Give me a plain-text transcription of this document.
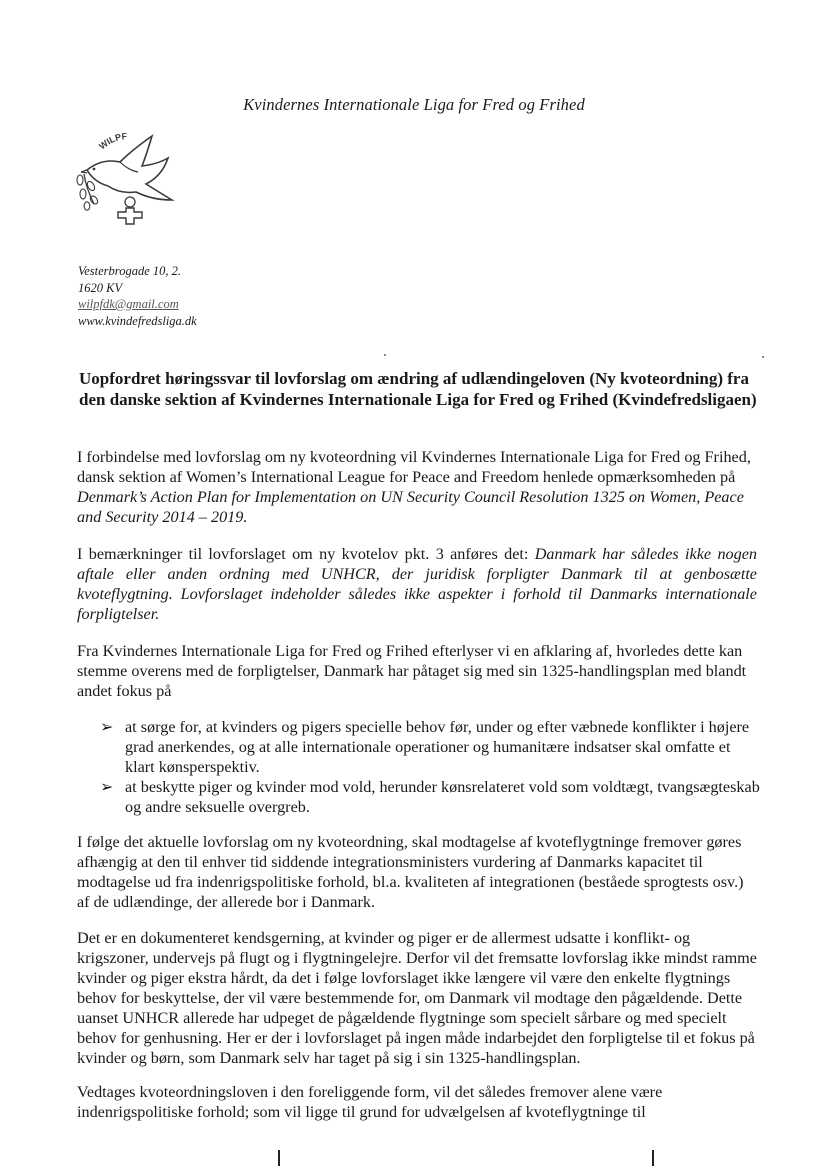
Kvindernes Internationale Liga for Fred og Frihed
WILPF
Vesterbrogade 10, 2.
1620 KV
wilpfdk@gmail.com
www.kvindefredsliga.dk
Uopfordret høringssvar til lovforslag om ændring af udlændingeloven (Ny kvoteordning) fra den danske sektion af Kvindernes Internationale Liga for Fred og Frihed (Kvindefredsligaen)
I forbindelse med lovforslag om ny kvoteordning vil Kvindernes Internationale Liga for Fred og Frihed, dansk sektion af Women’s International League for Peace and Freedom henlede opmærksomheden på Denmark’s Action Plan for Implementation on UN Security Council Resolution 1325 on Women, Peace and Security 2014 – 2019.
I bemærkninger til lovforslaget om ny kvotelov pkt. 3 anføres det: Danmark har således ikke nogen aftale eller anden ordning med UNHCR, der juridisk forpligter Danmark til at genbosætte kvoteflygtning. Lovforslaget indeholder således ikke aspekter i forhold til Danmarks internationale forpligtelser.
Fra Kvindernes Internationale Liga for Fred og Frihed efterlyser vi en afklaring af, hvorledes dette kan stemme overens med de forpligtelser, Danmark har påtaget sig med sin 1325-handlingsplan med blandt andet fokus på
➢ at sørge for, at kvinders og pigers specielle behov før, under og efter væbnede konflikter i højere grad anerkendes, og at alle internationale operationer og humanitære indsatser skal omfatte et klart kønsperspektiv.
➢ at beskytte piger og kvinder mod vold, herunder kønsrelateret vold som voldtægt, tvangsægteskab og andre seksuelle overgreb.
I følge det aktuelle lovforslag om ny kvoteordning, skal modtagelse af kvoteflygtninge fremover gøres afhængig at den til enhver tid siddende integrationsministers vurdering af Danmarks kapacitet til modtagelse ud fra indenrigspolitiske forhold, bl.a. kvaliteten af integrationen (beståede sprogtests osv.) af de udlændinge, der allerede bor i Danmark.
Det er en dokumenteret kendsgerning, at kvinder og piger er de allermest udsatte i konflikt- og krigszoner, undervejs på flugt og i flygtningelejre. Derfor vil det fremsatte lovforslag ikke mindst ramme kvinder og piger ekstra hårdt, da det i følge lovforslaget ikke længere vil være den enkelte flygtnings behov for beskyttelse, der vil være bestemmende for, om Danmark vil modtage den pågældende. Dette uanset UNHCR allerede har udpeget de pågældende flygtninge som specielt sårbare og med specielt behov for genhusning. Her er der i lovforslaget på ingen måde indarbejdet den forpligtelse til et fokus på kvinder og børn, som Danmark selv har taget på sig i sin 1325-handlingsplan.
Vedtages kvoteordningsloven i den foreliggende form, vil det således fremover alene være indenrigspolitiske forhold; som vil ligge til grund for udvælgelsen af kvoteflygtninge til
